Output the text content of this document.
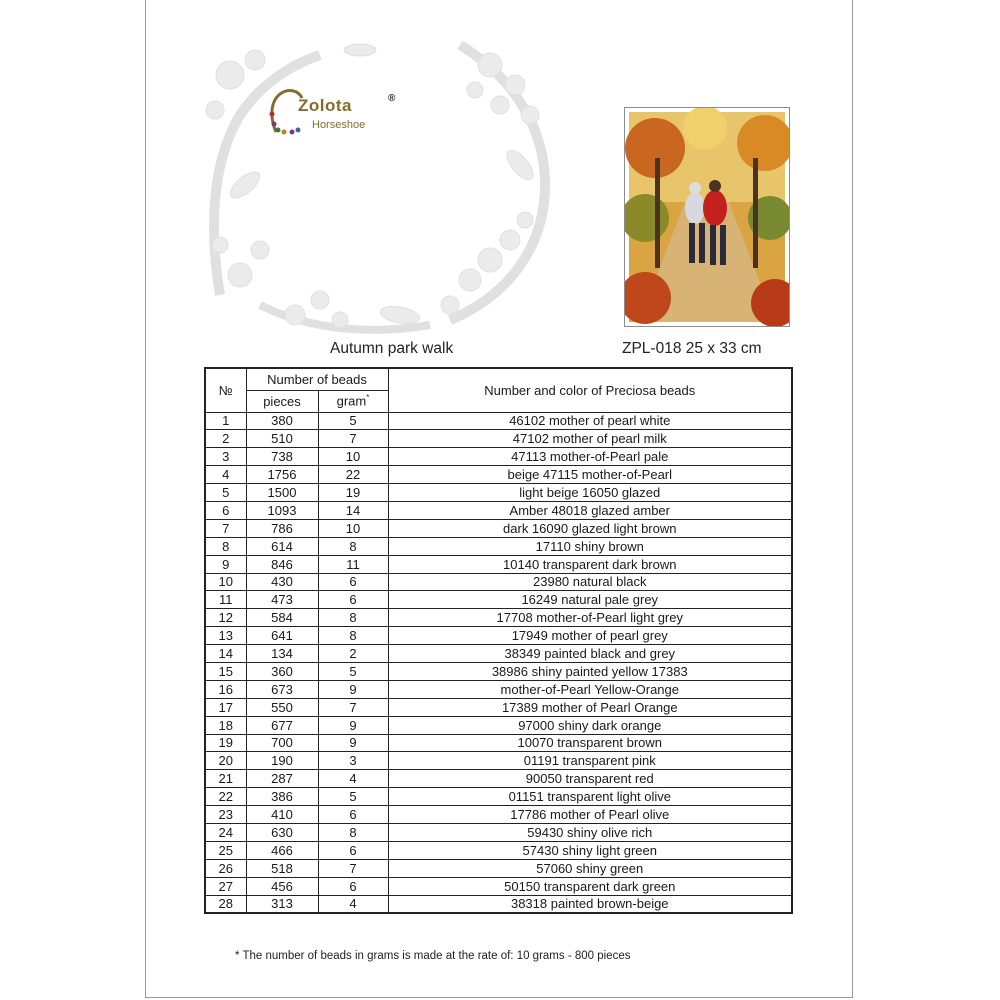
Zolota	®
Horseshoe
Autumn park walk	ZPL-018 25 x 33 cm
№	Number of beads		Number and color of Preciosa beads
	pieces	gram*
1	380	5	46102 mother of pearl white
2	510	7	47102 mother of pearl milk
3	738	10	47113 mother-of-Pearl pale
4	1756	22	beige 47115 mother-of-Pearl
5	1500	19	light beige 16050 glazed
6	1093	14	Amber 48018 glazed amber
7	786	10	dark 16090 glazed light brown
8	614	8	17110 shiny brown
9	846	11	10140 transparent dark brown
10	430	6	23980 natural black
11	473	6	16249 natural pale grey
12	584	8	17708 mother-of-Pearl light grey
13	641	8	17949 mother of pearl grey
14	134	2	38349 painted black and grey
15	360	5	38986 shiny painted yellow 17383
16	673	9	mother-of-Pearl Yellow-Orange
17	550	7	17389 mother of Pearl Orange
18	677	9	97000 shiny dark orange
19	700	9	10070 transparent brown
20	190	3	01191 transparent pink
21	287	4	90050 transparent red
22	386	5	01151 transparent light olive
23	410	6	17786 mother of Pearl olive
24	630	8	59430 shiny olive rich
25	466	6	57430 shiny light green
26	518	7	57060 shiny green
27	456	6	50150 transparent dark green
28	313	4	38318 painted brown-beige
* The number of beads in grams is made at the rate of: 10 grams - 800 pieces
